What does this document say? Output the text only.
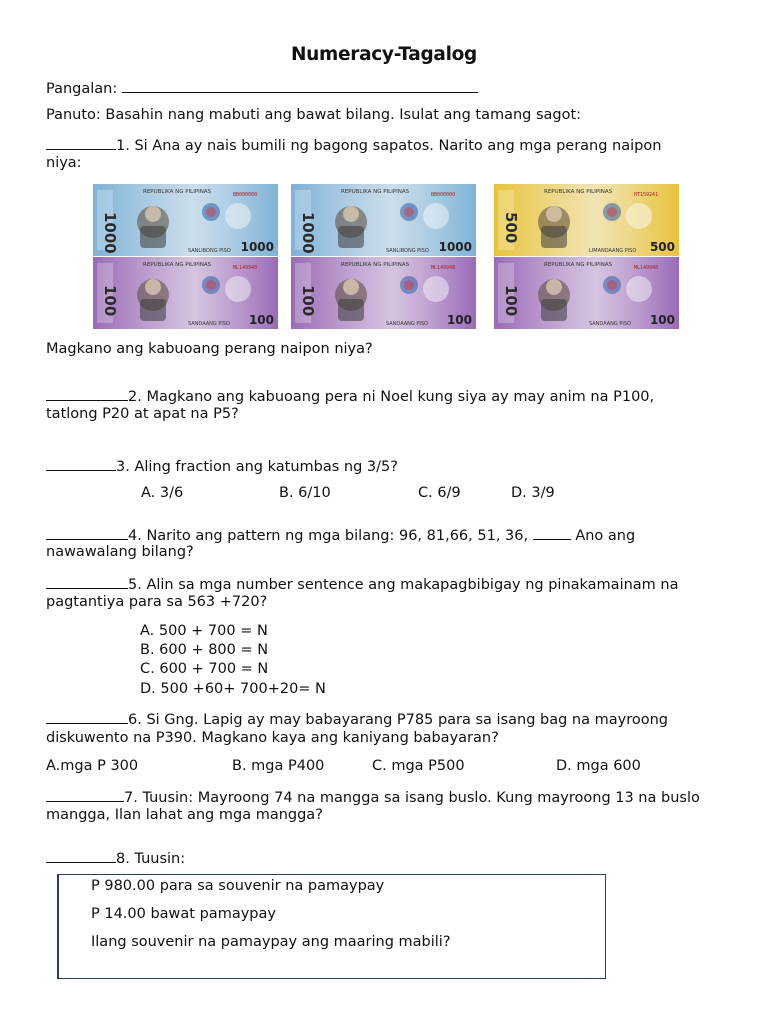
Numeracy-Tagalog
Pangalan:
Panuto: Basahin nang mabuti ang bawat bilang. Isulat ang tamang sagot:
1. Si Ana ay nais bumili ng bagong sapatos. Narito ang mga perang naipon
niya:
1000
REPUBLIKA NG PILIPINAS	BB000000
SANLIBONG PISO 1000 1000
REPUBLIKA NG PILIPINAS	BB000000
SANLIBONG PISO 1000
500
REPUBLIKA NG PILIPINAS	HT159241
LIMANDAANG PISO 500
100
REPUBLIKA NG PILIPINAS	ML149948
SANDAANG PISO 100
100
REPUBLIKA NG PILIPINAS	ML149948
SANDAANG PISO 100
100
REPUBLIKA NG PILIPINAS	ML149948
SANDAANG PISO 100
Magkano ang kabuoang perang naipon niya?
2. Magkano ang kabuoang pera ni Noel kung siya ay may anim na P100,
tatlong P20 at apat na P5?
3. Aling fraction ang katumbas ng 3/5?
A. 3/6	B. 6/10	C. 6/9	D. 3/9
4. Narito ang pattern ng mga bilang: 96, 81,66, 51, 36,	Ano ang
nawawalang bilang?
5. Alin sa mga number sentence ang makapagbibigay ng pinakamainam na
pagtantiya para sa 563 +720?
A. 500 + 700 = N
B. 600 + 800 = N
C. 600 + 700 = N
D. 500 +60+ 700+20= N
6. Si Gng. Lapig ay may babayarang P785 para sa isang bag na mayroong
diskuwento na P390. Magkano kaya ang kaniyang babayaran?
A.mga P 300	B. mga P400	C. mga P500	D. mga 600
7. Tuusin: Mayroong 74 na mangga sa isang buslo. Kung mayroong 13 na buslo
mangga, Ilan lahat ang mga mangga?
8. Tuusin:
P 980.00 para sa souvenir na pamaypay
P 14.00 bawat pamaypay
Ilang souvenir na pamaypay ang maaring mabili?
